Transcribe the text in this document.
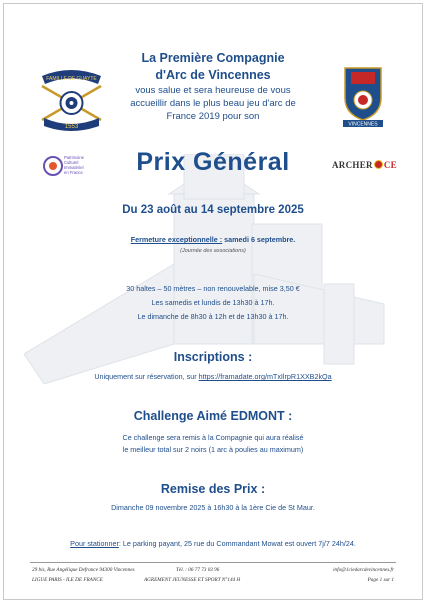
FAMILLE DE GUAYTE
1553	VINCENNES
Patrimoine
Culturel
Immatériel
en France
ARCHER CE
La Première Compagnie
d'Arc de Vincennes
vous salue et sera heureuse de vous
accueillir dans le plus beau jeu d'arc de
France 2019 pour son
Prix Général
Du 23 août au 14 septembre 2025
Fermeture exceptionnelle : samedi 6 septembre.
(Journée des associations)
30 haltes – 50 mètres – non renouvelable, mise 3,50 €
Les samedis et lundis de 13h30 à 17h.
Le dimanche de 8h30 à 12h et de 13h30 à 17h.
Inscriptions :
Uniquement sur réservation, sur https://framadate.org/mTxIlrpR1XXB2kQa
Challenge Aimé EDMONT :
Ce challenge sera remis à la Compagnie qui aura réalisé
le meilleur total sur 2 noirs (1 arc à poulies au maximum)
Remise des Prix :
Dimanche 09 novembre 2025 à 16h30 à la 1ère Cie de St Maur.
Pour stationner: Le parking payant, 25 rue du Commandant Mowat est ouvert 7j/7 24h/24.
29 bis, Rue Angélique Defrance 94300 Vincennes
LIGUE PARIS - ILE DE FRANCE
Tél. : 06 77 73 03 96
AGREMENT JEUNESSE ET SPORT N°144 H
info@1ciedarcdevincennes.fr
Page 1 sur 1
